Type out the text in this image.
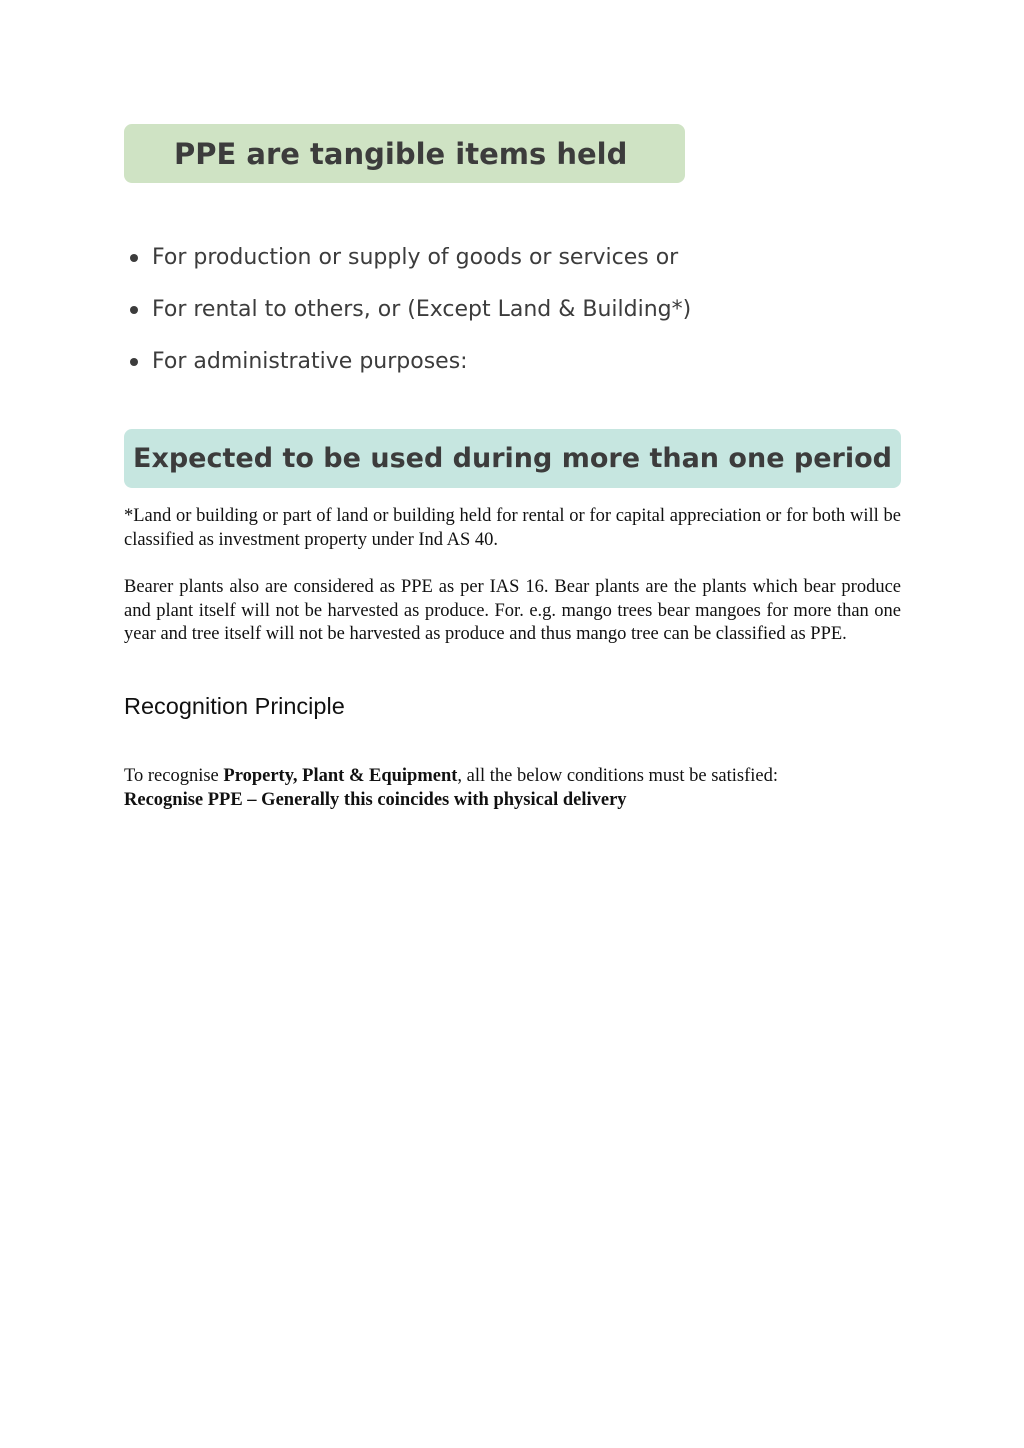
PPE are tangible items held
For production or supply of goods or services or
For rental to others, or (Except Land & Building*)
For administrative purposes:
Expected to be used during more than one period

*Land or building or part of land or building held for rental or for capital appreciation or for both will be classified as investment property under Ind AS 40.

Bearer plants also are considered as PPE as per IAS 16. Bear plants are the plants which bear produce and plant itself will not be harvested as produce. For. e.g. mango trees bear mangoes for more than one year and tree itself will not be harvested as produce and thus mango tree can be classified as PPE.

Recognition Principle

To recognise Property, Plant & Equipment, all the below conditions must be satisfied:

Recognise PPE – Generally this coincides with physical delivery
